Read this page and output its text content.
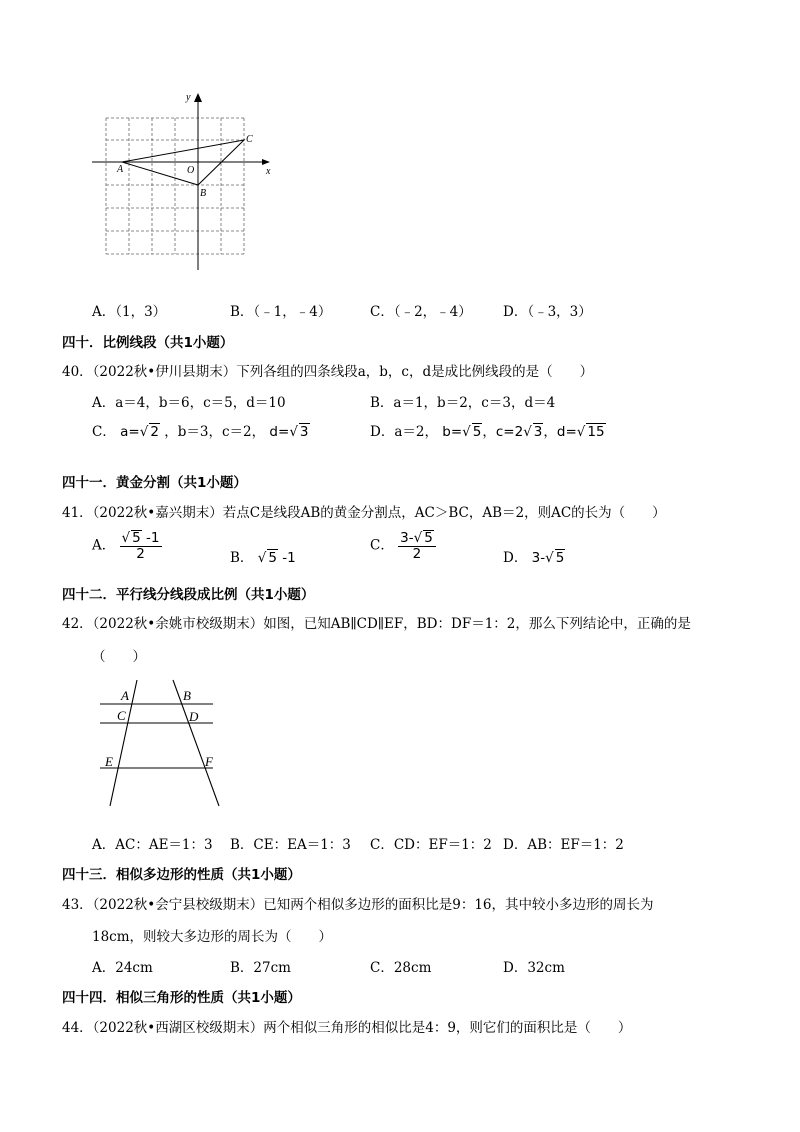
y
x
A	O
B
C
A．（1，3）	B．（﹣1，﹣4）	C．（﹣2，﹣4） D．（﹣3，3）
四十．比例线段（共1小题）
40．（2022秋•伊川县期末）下列各组的四条线段a，b，c，d是成比例线段的是（　　）
A．a＝4，b＝6，c＝5，d＝10	B．a＝1，b＝2，c＝3，d＝4
C． a=√ 2 ，b＝3，c＝2， d=√ 3	D．a＝2， b=√ 5，c=2√ 3，d=√ 15
四十一．黄金分割（共1小题）
41．（2022秋•嘉兴期末）若点C是线段AB的黄金分割点，AC＞BC，AB＝2，则AC的长为（　　）
A． $\frac{√ 5 -1}{2}$	B． √ 5 -1
C． $\frac{3-√ 5}{2}$	D． 3-√ 5
四十二．平行线分线段成比例（共1小题）
42．（2022秋•余姚市校级期末）如图，已知AB∥CD∥EF，BD：DF＝1：2，那么下列结论中，正确的是
（　　）
A	B
C	D
E	F
A．AC：AE＝1：3 B．CE：EA＝1：3 C．CD：EF＝1：2 D．AB：EF＝1：2
四十三．相似多边形的性质（共1小题）
43．（2022秋•会宁县校级期末）已知两个相似多边形的面积比是9：16，其中较小多边形的周长为
18cm，则较大多边形的周长为（　　）
A．24cm	B．27cm	C．28cm	D．32cm
四十四．相似三角形的性质（共1小题）
44．（2022秋•西湖区校级期末）两个相似三角形的相似比是4：9，则它们的面积比是（　　）
